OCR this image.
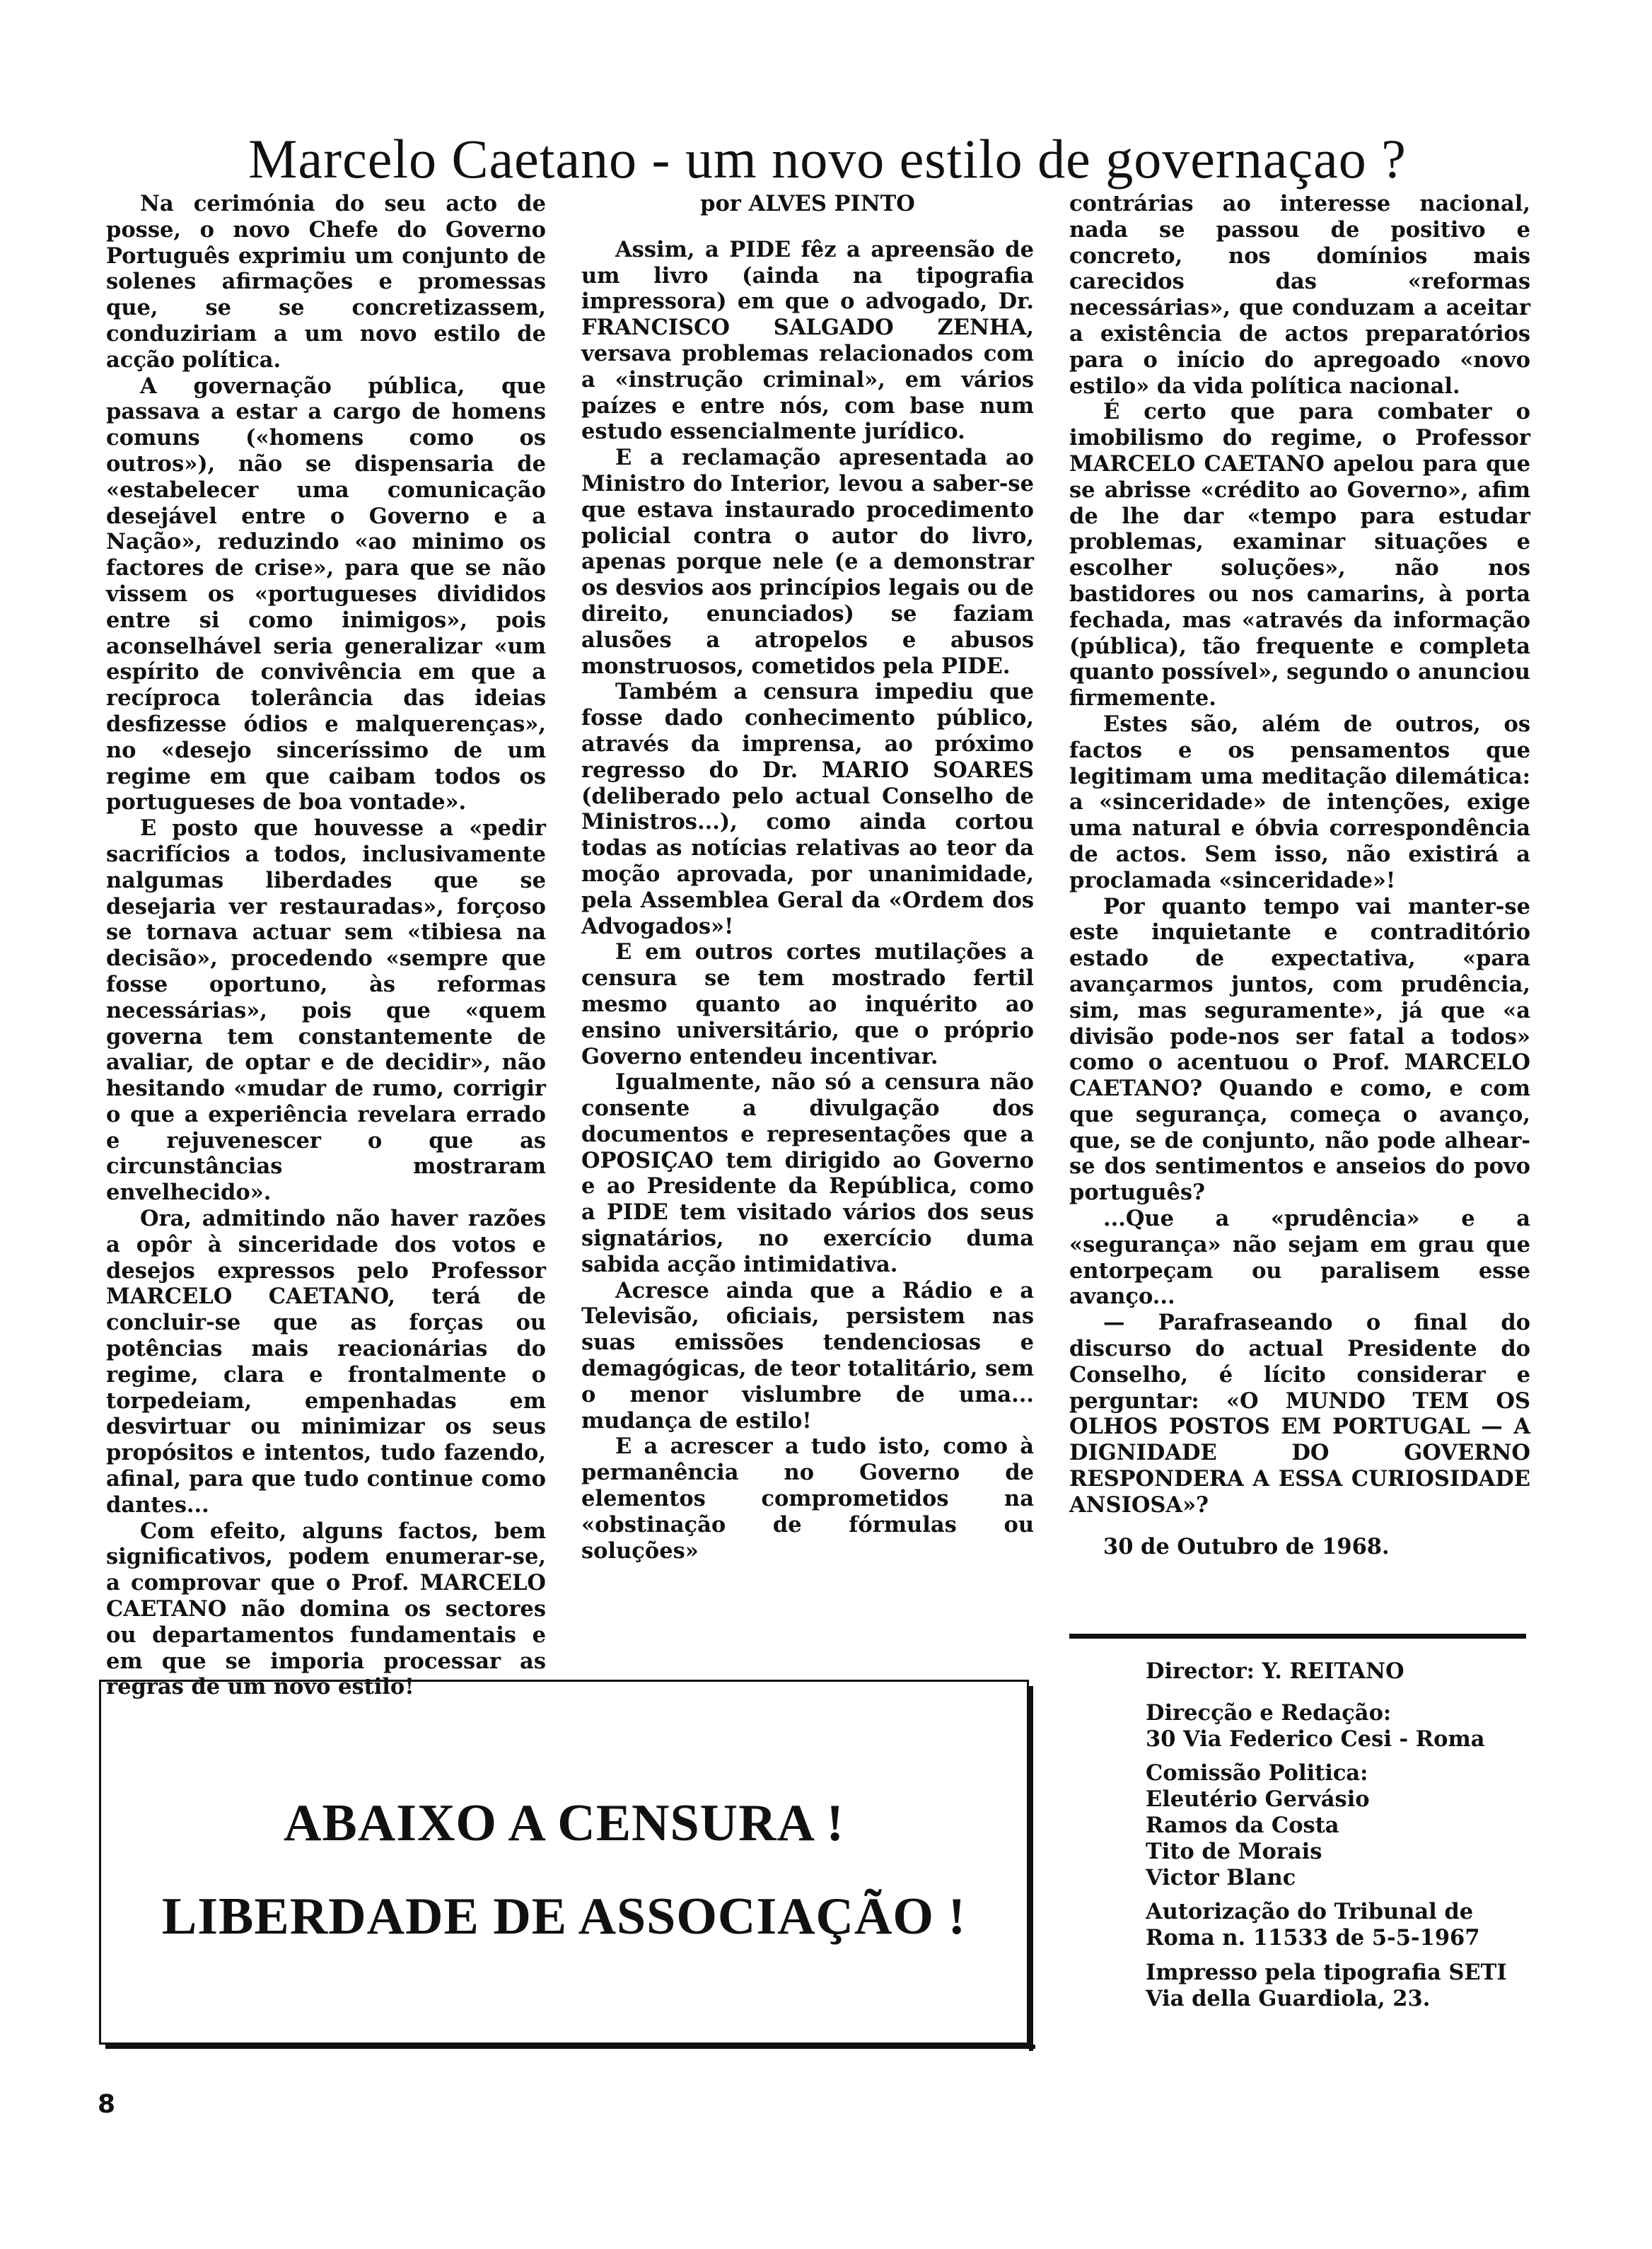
Marcelo Caetano - um novo estilo de governaçao ?

Na cerimónia do seu acto de posse, o novo Chefe do Governo Português exprimiu um conjunto de solenes afirmações e promessas que, se se concretizassem, conduziriam a um novo estilo de acção política.

A governação pública, que passava a estar a cargo de homens comuns («homens como os outros»), não se dispensaria de «estabelecer uma comunicação desejável entre o Governo e a Nação», reduzindo «ao minimo os factores de crise», para que se não vissem os «portugueses divididos entre si como inimigos», pois aconselhável seria generalizar «um espírito de convivência em que a recíproca tolerância das ideias desfizesse ódios e malquerenças», no «desejo sinceríssimo de um regime em que caibam todos os portugueses de boa vontade».

E posto que houvesse a «pedir sacrifícios a todos, inclusivamente nalgumas liberdades que se desejaria ver restauradas», forçoso se tornava actuar sem «tibiesa na decisão», procedendo «sempre que fosse oportuno, às reformas necessárias», pois que «quem governa tem constantemente de avaliar, de optar e de decidir», não hesitando «mudar de rumo, corrigir o que a experiência revelara errado e rejuvenescer o que as circunstâncias mostraram envelhecido».

Ora, admitindo não haver razões a opôr à sinceridade dos votos e desejos expressos pelo Professor MARCELO CAETANO, terá de concluir-se que as forças ou potências mais reacionárias do regime, clara e frontalmente o torpedeiam, empenhadas em desvirtuar ou minimizar os seus propósitos e intentos, tudo fazendo, afinal, para que tudo continue como dantes...

Com efeito, alguns factos, bem significativos, podem enumerar-se, a comprovar que o Prof. MARCELO CAETANO não domina os sectores ou departamentos fundamentais e em que se imporia processar as regras de um novo estilo!

por ALVES PINTO

Assim, a PIDE fêz a apreensão de um livro (ainda na tipografia impressora) em que o advogado, Dr. FRANCISCO SALGADO ZENHA, versava problemas relacionados com a «instrução criminal», em vários paízes e entre nós, com base num estudo essencialmente jurídico.

E a reclamação apresentada ao Ministro do Interior, levou a saber-se que estava instaurado procedimento policial contra o autor do livro, apenas porque nele (e a demonstrar os desvios aos princípios legais ou de direito, enunciados) se faziam alusões a atropelos e abusos monstruosos, cometidos pela PIDE.

Também a censura impediu que fosse dado conhecimento público, através da imprensa, ao próximo regresso do Dr. MARIO SOARES (deliberado pelo actual Conselho de Ministros...), como ainda cortou todas as notícias relativas ao teor da moção aprovada, por unanimidade, pela Assemblea Geral da «Ordem dos Advogados»!

E em outros cortes mutilações a censura se tem mostrado fertil mesmo quanto ao inquérito ao ensino universitário, que o próprio Governo entendeu incentivar.

Igualmente, não só a censura não consente a divulgação dos documentos e representações que a OPOSIÇAO tem dirigido ao Governo e ao Presidente da República, como a PIDE tem visitado vários dos seus signatários, no exercício duma sabida acção intimidativa.

Acresce ainda que a Rádio e a Televisão, oficiais, persistem nas suas emissões tendenciosas e demagógicas, de teor totalitário, sem o menor vislumbre de uma... mudança de estilo!

E a acrescer a tudo isto, como à permanência no Governo de elementos comprometidos na «obstinação de fórmulas ou soluções»

contrárias ao interesse nacional, nada se passou de positivo e concreto, nos domínios mais carecidos das «reformas necessárias», que conduzam a aceitar a existência de actos preparatórios para o início do apregoado «novo estilo» da vida política nacional.

É certo que para combater o imobilismo do regime, o Professor MARCELO CAETANO apelou para que se abrisse «crédito ao Governo», afim de lhe dar «tempo para estudar problemas, examinar situações e escolher soluções», não nos bastidores ou nos camarins, à porta fechada, mas «através da informação (pública), tão frequente e completa quanto possível», segundo o anunciou firmemente.

Estes são, além de outros, os factos e os pensamentos que legitimam uma meditação dilemática: a «sinceridade» de intenções, exige uma natural e óbvia correspondência de actos. Sem isso, não existirá a proclamada «sinceridade»!

Por quanto tempo vai manter-se este inquietante e contraditório estado de expectativa, «para avançarmos juntos, com prudência, sim, mas seguramente», já que «a divisão pode-nos ser fatal a todos» como o acentuou o Prof. MARCELO CAETANO? Quando e como, e com que segurança, começa o avanço, que, se de conjunto, não pode alhear-se dos sentimentos e anseios do povo português?

...Que a «prudência» e a «segurança» não sejam em grau que entorpeçam ou paralisem esse avanço...

— Parafraseando o final do discurso do actual Presidente do Conselho, é lícito considerar e perguntar: «O MUNDO TEM OS OLHOS POSTOS EM PORTUGAL — A DIGNIDADE DO GOVERNO RESPONDERA A ESSA CURIOSIDADE ANSIOSA»?

30 de Outubro de 1968.

ABAIXO A CENSURA !
LIBERDADE DE ASSOCIAÇÃO !
Director: Y. REITANO
Direcção e Redação:
30 Via Federico Cesi - Roma
Comissão Politica:
Eleutério Gervásio
Ramos da Costa
Tito de Morais
Victor Blanc
Autorização do Tribunal de
Roma n. 11533 de 5-5-1967
Impresso pela tipografia SETI
Via della Guardiola, 23.
8
